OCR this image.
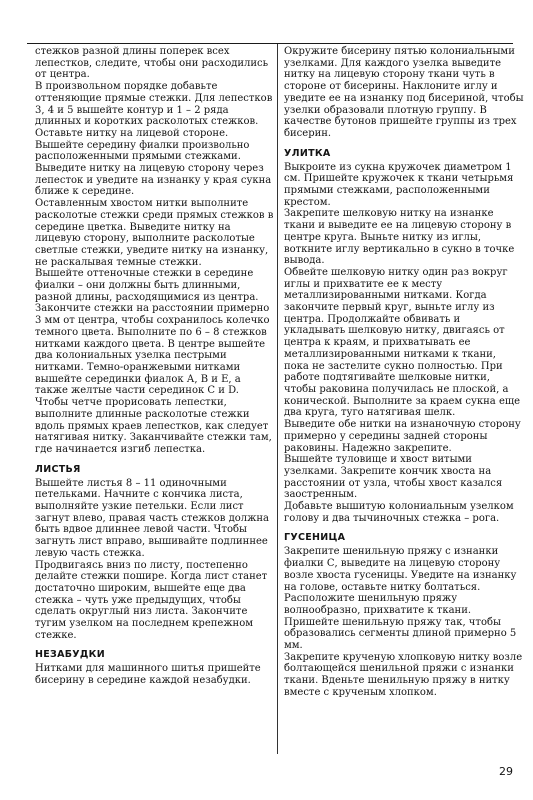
стежков разной длины поперек всех лепестков, следите, чтобы они расходились от центра.

В произвольном порядке добавьте оттеняющие прямые стежки. Для лепестков 3, 4 и 5 вышейте контур и 1 – 2 ряда длинных и коротких расколотых стежков. Оставьте нитку на лицевой стороне.

Вышейте середину фиалки произвольно расположенными прямыми стежками. Выведите нитку на лицевую сторону через лепесток и уведите на изнанку у края сукна ближе к середине.

Оставленным хвостом нитки выполните расколотые стежки среди прямых стежков в середине цветка. Выведите нитку на лицевую сторону, выполните расколотые светлые стежки, уведите нитку на изнанку, не раскалывая темные стежки.

Вышейте оттеночные стежки в середине фиалки – они должны быть длинными, разной длины, расходящимися из центра. Закончите стежки на расстоянии примерно 3 мм от центра, чтобы сохранилось колечко темного цвета. Выполните по 6 – 8 стежков нитками каждого цвета. В центре вышейте два колониальных узелка пестрыми нитками. Темно-оранжевыми нитками вышейте серединки фиалок А, В и Е, а также желтые части серединок С и D.

Чтобы четче прорисовать лепестки, выполните длинные расколотые стежки вдоль прямых краев лепестков, как следует натягивая нитку. Заканчивайте стежки там, где начинается изгиб лепестка.

ЛИСТЬЯ

Вышейте листья 8 – 11 одиночными петельками. Начните с кончика листа, выполняйте узкие петельки. Если лист загнут влево, правая часть стежков должна быть вдвое длиннее левой части. Чтобы загнуть лист вправо, вышивайте подлиннее левую часть стежка.

Продвигаясь вниз по листу, постепенно делайте стежки пошире. Когда лист станет достаточно широким, вышейте еще два стежка – чуть уже предыдущих, чтобы сделать округлый низ листа. Закончите тугим узелком на последнем крепежном стежке.

НЕЗАБУДКИ

Нитками для машинного шитья пришейте бисерину в середине каждой незабудки.

Окружите бисерину пятью колониальными узелками. Для каждого узелка выведите нитку на лицевую сторону ткани чуть в стороне от бисерины. Наклоните иглу и уведите ее на изнанку под бисериной, чтобы узелки образовали плотную группу. В качестве бутонов пришейте группы из трех бисерин.

УЛИТКА

Выкроите из сукна кружочек диаметром 1 см. Пришейте кружочек к ткани четырьмя прямыми стежками, расположенными крестом.

Закрепите шелковую нитку на изнанке ткани и выведите ее на лицевую сторону в центре круга. Выньте нитку из иглы, воткните иглу вертикально в сукно в точке вывода.

Обвейте шелковую нитку один раз вокруг иглы и прихватите ее к месту металлизированными нитками. Когда закончите первый круг, выньте иглу из центра. Продолжайте обвивать и укладывать шелковую нитку, двигаясь от центра к краям, и прихватывать ее металлизированными нитками к ткани, пока не застелите сукно полностью. При работе подтягивайте шелковые нитки, чтобы раковина получилась не плоской, а конической. Выполните за краем сукна еще два круга, туго натягивая шелк.

Выведите обе нитки на изнаночную сторону примерно у середины задней стороны раковины. Надежно закрепите.

Вышейте туловище и хвост витыми узелками. Закрепите кончик хвоста на расстоянии от узла, чтобы хвост казался заостренным.

Добавьте вышитую колониальным узелком голову и два тычиночных стежка – рога.

ГУСЕНИЦА

Закрепите шенильную пряжу с изнанки фиалки С, выведите на лицевую сторону возле хвоста гусеницы. Уведите на изнанку на голове, оставьте нитку болтаться. Расположите шенильную пряжу волнообразно, прихватите к ткани. Пришейте шенильную пряжу так, чтобы образовались сегменты длиной примерно 5 мм.

Закрепите крученую хлопковую нитку возле болтающейся шенильной пряжи с изнанки ткани. Вденьте шенильную пряжу в нитку вместе с крученым хлопком.

29
